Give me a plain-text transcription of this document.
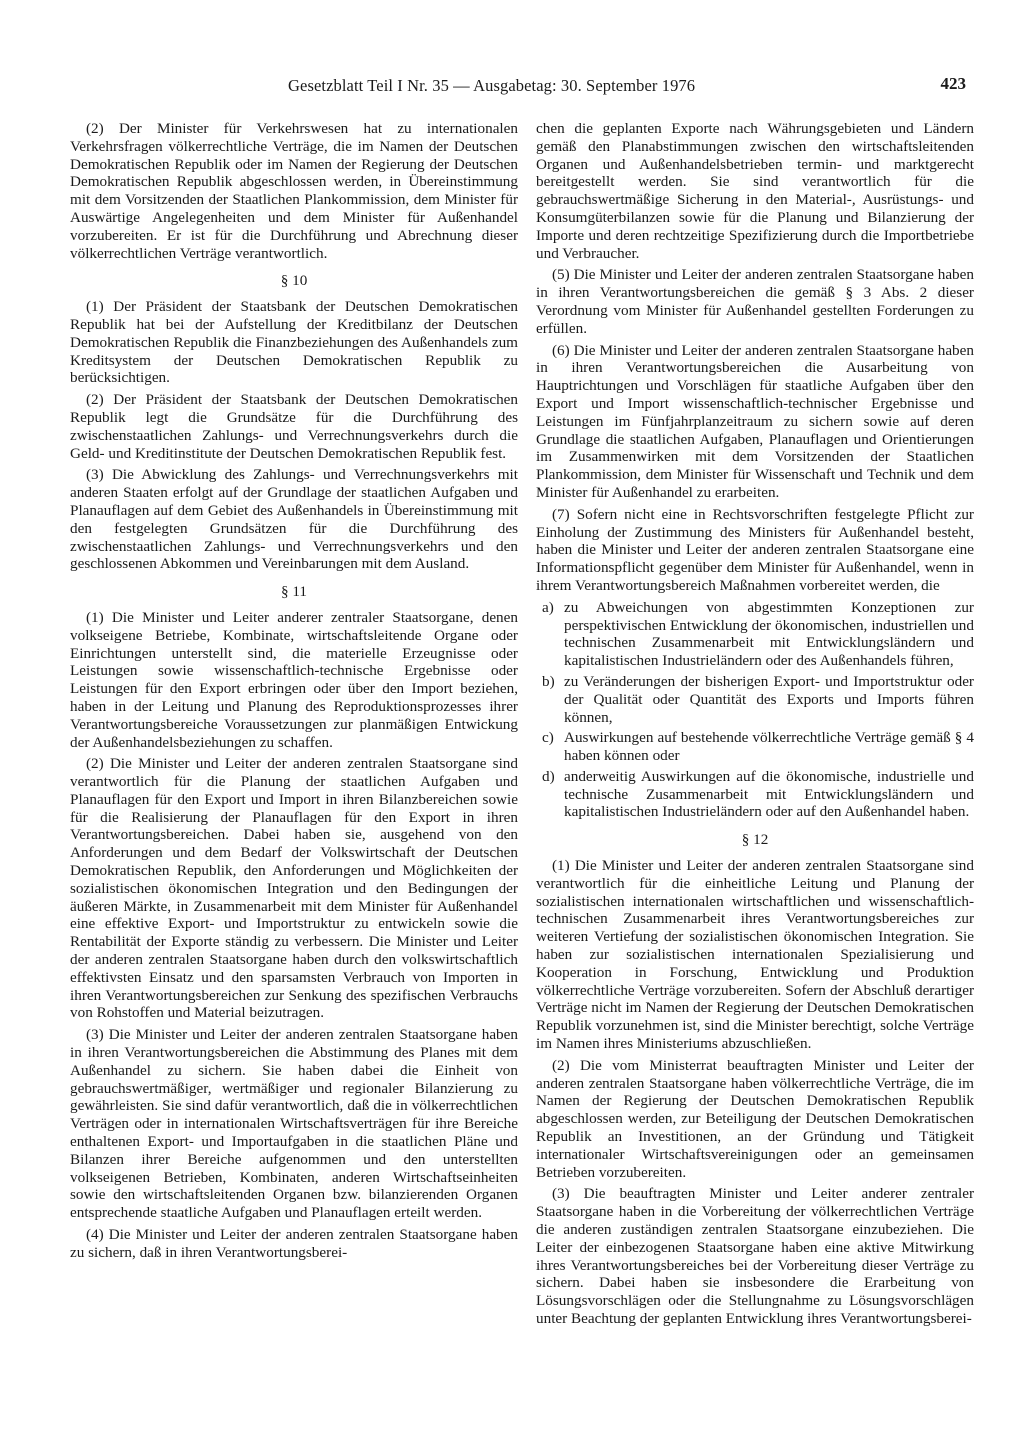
Gesetzblatt Teil I Nr. 35 — Ausgabetag: 30. September 1976	423

(2) Der Minister für Verkehrswesen hat zu internationalen Verkehrsfragen völkerrechtliche Verträge, die im Namen der Deutschen Demokratischen Republik oder im Namen der Regierung der Deutschen Demokratischen Republik abgeschlossen werden, in Übereinstimmung mit dem Vorsitzenden der Staatlichen Plankommission, dem Minister für Auswärtige Angelegenheiten und dem Minister für Außenhandel vorzubereiten. Er ist für die Durchführung und Abrechnung dieser völkerrechtlichen Verträge verantwortlich.

§ 10

(1) Der Präsident der Staatsbank der Deutschen Demokratischen Republik hat bei der Aufstellung der Kreditbilanz der Deutschen Demokratischen Republik die Finanzbeziehungen des Außenhandels zum Kreditsystem der Deutschen Demokratischen Republik zu berücksichtigen.

(2) Der Präsident der Staatsbank der Deutschen Demokratischen Republik legt die Grundsätze für die Durchführung des zwischenstaatlichen Zahlungs- und Verrechnungsverkehrs durch die Geld- und Kreditinstitute der Deutschen Demokratischen Republik fest.

(3) Die Abwicklung des Zahlungs- und Verrechnungsverkehrs mit anderen Staaten erfolgt auf der Grundlage der staatlichen Aufgaben und Planauflagen auf dem Gebiet des Außenhandels in Übereinstimmung mit den festgelegten Grundsätzen für die Durchführung des zwischenstaatlichen Zahlungs- und Verrechnungsverkehrs und den geschlossenen Abkommen und Vereinbarungen mit dem Ausland.

§ 11

(1) Die Minister und Leiter anderer zentraler Staatsorgane, denen volkseigene Betriebe, Kombinate, wirtschaftsleitende Organe oder Einrichtungen unterstellt sind, die materielle Erzeugnisse oder Leistungen sowie wissenschaftlich-technische Ergebnisse oder Leistungen für den Export erbringen oder über den Import beziehen, haben in der Leitung und Planung des Reproduktionsprozesses ihrer Verantwortungsbereiche Voraussetzungen zur planmäßigen Entwickung der Außenhandelsbeziehungen zu schaffen.

(2) Die Minister und Leiter der anderen zentralen Staatsorgane sind verantwortlich für die Planung der staatlichen Aufgaben und Planauflagen für den Export und Import in ihren Bilanzbereichen sowie für die Realisierung der Planauflagen für den Export in ihren Verantwortungsbereichen. Dabei haben sie, ausgehend von den Anforderungen und dem Bedarf der Volkswirtschaft der Deutschen Demokratischen Republik, den Anforderungen und Möglichkeiten der sozialistischen ökonomischen Integration und den Bedingungen der äußeren Märkte, in Zusammenarbeit mit dem Minister für Außenhandel eine effektive Export- und Importstruktur zu entwickeln sowie die Rentabilität der Exporte ständig zu verbessern. Die Minister und Leiter der anderen zentralen Staatsorgane haben durch den volkswirtschaftlich effektivsten Einsatz und den sparsamsten Verbrauch von Importen in ihren Verantwortungsbereichen zur Senkung des spezifischen Verbrauchs von Rohstoffen und Material beizutragen.

(3) Die Minister und Leiter der anderen zentralen Staatsorgane haben in ihren Verantwortungsbereichen die Abstimmung des Planes mit dem Außenhandel zu sichern. Sie haben dabei die Einheit von gebrauchswertmäßiger, wertmäßiger und regionaler Bilanzierung zu gewährleisten. Sie sind dafür verantwortlich, daß die in völkerrechtlichen Verträgen oder in internationalen Wirtschaftsverträgen für ihre Bereiche enthaltenen Export- und Importaufgaben in die staatlichen Pläne und Bilanzen ihrer Bereiche aufgenommen und den unterstellten volkseigenen Betrieben, Kombinaten, anderen Wirtschaftseinheiten sowie den wirtschaftsleitenden Organen bzw. bilanzierenden Organen entsprechende staatliche Aufgaben und Planauflagen erteilt werden.

(4) Die Minister und Leiter der anderen zentralen Staatsorgane haben zu sichern, daß in ihren Verantwortungsberei-

chen die geplanten Exporte nach Währungsgebieten und Ländern gemäß den Planabstimmungen zwischen den wirtschaftsleitenden Organen und Außenhandelsbetrieben termin- und marktgerecht bereitgestellt werden. Sie sind verantwortlich für die gebrauchswertmäßige Sicherung in den Material-, Ausrüstungs- und Konsumgüterbilanzen sowie für die Planung und Bilanzierung der Importe und deren rechtzeitige Spezifizierung durch die Importbetriebe und Verbraucher.

(5) Die Minister und Leiter der anderen zentralen Staatsorgane haben in ihren Verantwortungsbereichen die gemäß § 3 Abs. 2 dieser Verordnung vom Minister für Außenhandel gestellten Forderungen zu erfüllen.

(6) Die Minister und Leiter der anderen zentralen Staatsorgane haben in ihren Verantwortungsbereichen die Ausarbeitung von Hauptrichtungen und Vorschlägen für staatliche Aufgaben über den Export und Import wissenschaftlich-technischer Ergebnisse und Leistungen im Fünfjahrplanzeitraum zu sichern sowie auf deren Grundlage die staatlichen Aufgaben, Planauflagen und Orientierungen im Zusammenwirken mit dem Vorsitzenden der Staatlichen Plankommission, dem Minister für Wissenschaft und Technik und dem Minister für Außenhandel zu erarbeiten.

(7) Sofern nicht eine in Rechtsvorschriften festgelegte Pflicht zur Einholung der Zustimmung des Ministers für Außenhandel besteht, haben die Minister und Leiter der anderen zentralen Staatsorgane eine Informationspflicht gegenüber dem Minister für Außenhandel, wenn in ihrem Verantwortungsbereich Maßnahmen vorbereitet werden, die

a) zu Abweichungen von abgestimmten Konzeptionen zur perspektivischen Entwicklung der ökonomischen, industriellen und technischen Zusammenarbeit mit Entwicklungsländern und kapitalistischen Industrieländern oder des Außenhandels führen,
b) zu Veränderungen der bisherigen Export- und Importstruktur oder der Qualität oder Quantität des Exports und Imports führen können,
c) Auswirkungen auf bestehende völkerrechtliche Verträge gemäß § 4 haben können oder
d) anderweitig Auswirkungen auf die ökonomische, industrielle und technische Zusammenarbeit mit Entwicklungsländern und kapitalistischen Industrieländern oder auf den Außenhandel haben.
§ 12

(1) Die Minister und Leiter der anderen zentralen Staatsorgane sind verantwortlich für die einheitliche Leitung und Planung der sozialistischen internationalen wirtschaftlichen und wissenschaftlich-technischen Zusammenarbeit ihres Verantwortungsbereiches zur weiteren Vertiefung der sozialistischen ökonomischen Integration. Sie haben zur sozialistischen internationalen Spezialisierung und Kooperation in Forschung, Entwicklung und Produktion völkerrechtliche Verträge vorzubereiten. Sofern der Abschluß derartiger Verträge nicht im Namen der Regierung der Deutschen Demokratischen Republik vorzunehmen ist, sind die Minister berechtigt, solche Verträge im Namen ihres Ministeriums abzuschließen.

(2) Die vom Ministerrat beauftragten Minister und Leiter der anderen zentralen Staatsorgane haben völkerrechtliche Verträge, die im Namen der Regierung der Deutschen Demokratischen Republik abgeschlossen werden, zur Beteiligung der Deutschen Demokratischen Republik an Investitionen, an der Gründung und Tätigkeit internationaler Wirtschaftsvereinigungen oder an gemeinsamen Betrieben vorzubereiten.

(3) Die beauftragten Minister und Leiter anderer zentraler Staatsorgane haben in die Vorbereitung der völkerrechtlichen Verträge die anderen zuständigen zentralen Staatsorgane einzubeziehen. Die Leiter der einbezogenen Staatsorgane haben eine aktive Mitwirkung ihres Verantwortungsbereiches bei der Vorbereitung dieser Verträge zu sichern. Dabei haben sie insbesondere die Erarbeitung von Lösungsvorschlägen oder die Stellungnahme zu Lösungsvorschlägen unter Beachtung der geplanten Entwicklung ihres Verantwortungsberei-
